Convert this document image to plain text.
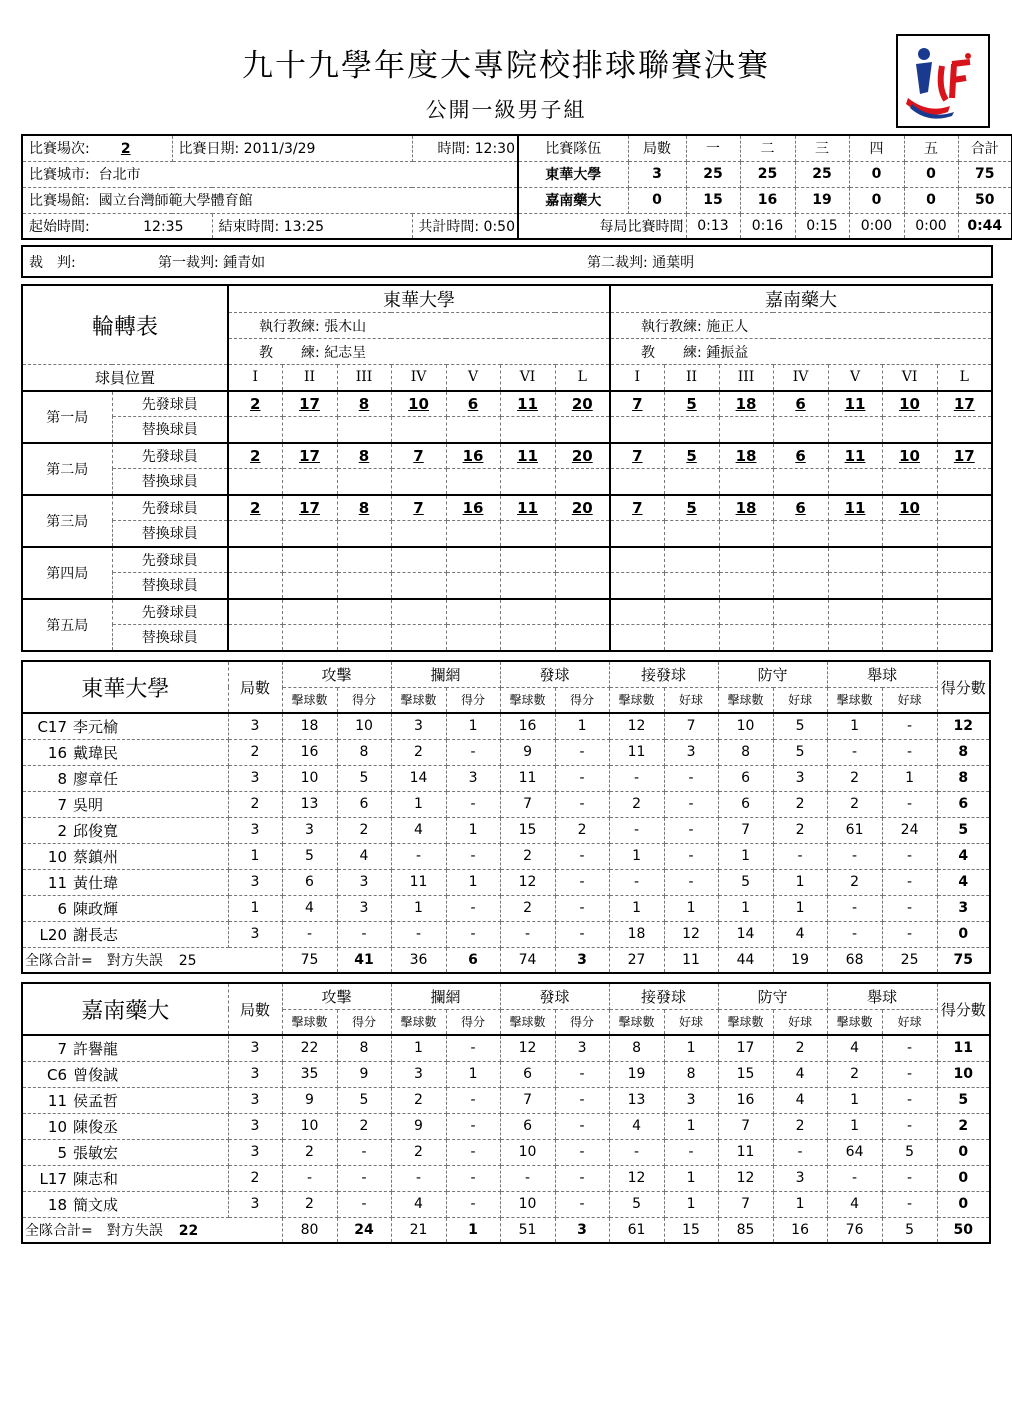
九十九學年度大專院校排球聯賽決賽
公開一級男子組
比賽場次: 2	比賽日期: 2011/3/29		時間: 12:30	比賽隊伍	局數	一	二	三	四	五	合計
比賽城市: 台北市				東華大學	3	25	25	25	0	0	75
比賽場館: 國立台灣師範大學體育館				嘉南藥大	0	15	16	19	0	0	50
起始時間: 12:35		結束時間: 13:25	共計時間: 0:50	每局比賽時間		0:13	0:16	0:15	0:00	0:00	0:44
裁　判:	第一裁判: 鍾青如	第二裁判: 通葉明
輪轉表		東華大學							嘉南藥大						
		執行教練: 張木山							執行教練: 施正人						
		教　　練: 紀志呈							教　　練: 鍾振益						
球員位置		I	II	III	IV	V	VI	L	I	II	III	IV	V	VI	L
第一局	先發球員	2	17	8	10	6	11	20	7	5	18	6	11	10	17
	替換球員														
第二局	先發球員	2	17	8	7	16	11	20	7	5	18	6	11	10	17
	替換球員														
第三局	先發球員	2	17	8	7	16	11	20	7	5	18	6	11	10	
	替換球員														
第四局	先發球員														
	替換球員														
第五局	先發球員														
	替換球員														
東華大學	局數	攻擊		攔網		發球		接發球		防守		舉球		得分數
		擊球數	得分	擊球數	得分	擊球數	得分	擊球數	好球	擊球數	好球	擊球數	好球	
C17 李元榆	3	18	10	3	1	16	1	12	7	10	5	1	-	12
16 戴瑋民	2	16	8	2	-	9	-	11	3	8	5	-	-	8
8 廖章任	3	10	5	14	3	11	-	-	-	6	3	2	1	8
7 吳明	2	13	6	1	-	7	-	2	-	6	2	2	-	6
2 邱俊寬	3	3	2	4	1	15	2	-	-	7	2	61	24	5
10 蔡鎮州	1	5	4	-	-	2	-	1	-	1	-	-	-	4
11 黃仕瑋	3	6	3	11	1	12	-	-	-	5	1	2	-	4
6 陳政輝	1	4	3	1	-	2	-	1	1	1	1	-	-	3
L20 謝長志	3	-	-	-	-	-	-	18	12	14	4	-	-	0
全隊合計= 對方失誤 25		75	41	36	6	74	3	27	11	44	19	68	25	75
嘉南藥大	局數	攻擊		攔網		發球		接發球		防守		舉球		得分數
		擊球數	得分	擊球數	得分	擊球數	得分	擊球數	好球	擊球數	好球	擊球數	好球	
7 許譽龍	3	22	8	1	-	12	3	8	1	17	2	4	-	11
C6 曾俊誠	3	35	9	3	1	6	-	19	8	15	4	2	-	10
11 侯孟哲	3	9	5	2	-	7	-	13	3	16	4	1	-	5
10 陳俊丞	3	10	2	9	-	6	-	4	1	7	2	1	-	2
5 張敏宏	3	2	-	2	-	10	-	-	-	11	-	64	5	0
L17 陳志和	2	-	-	-	-	-	-	12	1	12	3	-	-	0
18 簡文成	3	2	-	4	-	10	-	5	1	7	1	4	-	0
全隊合計= 對方失誤 22		80	24	21	1	51	3	61	15	85	16	76	5	50
